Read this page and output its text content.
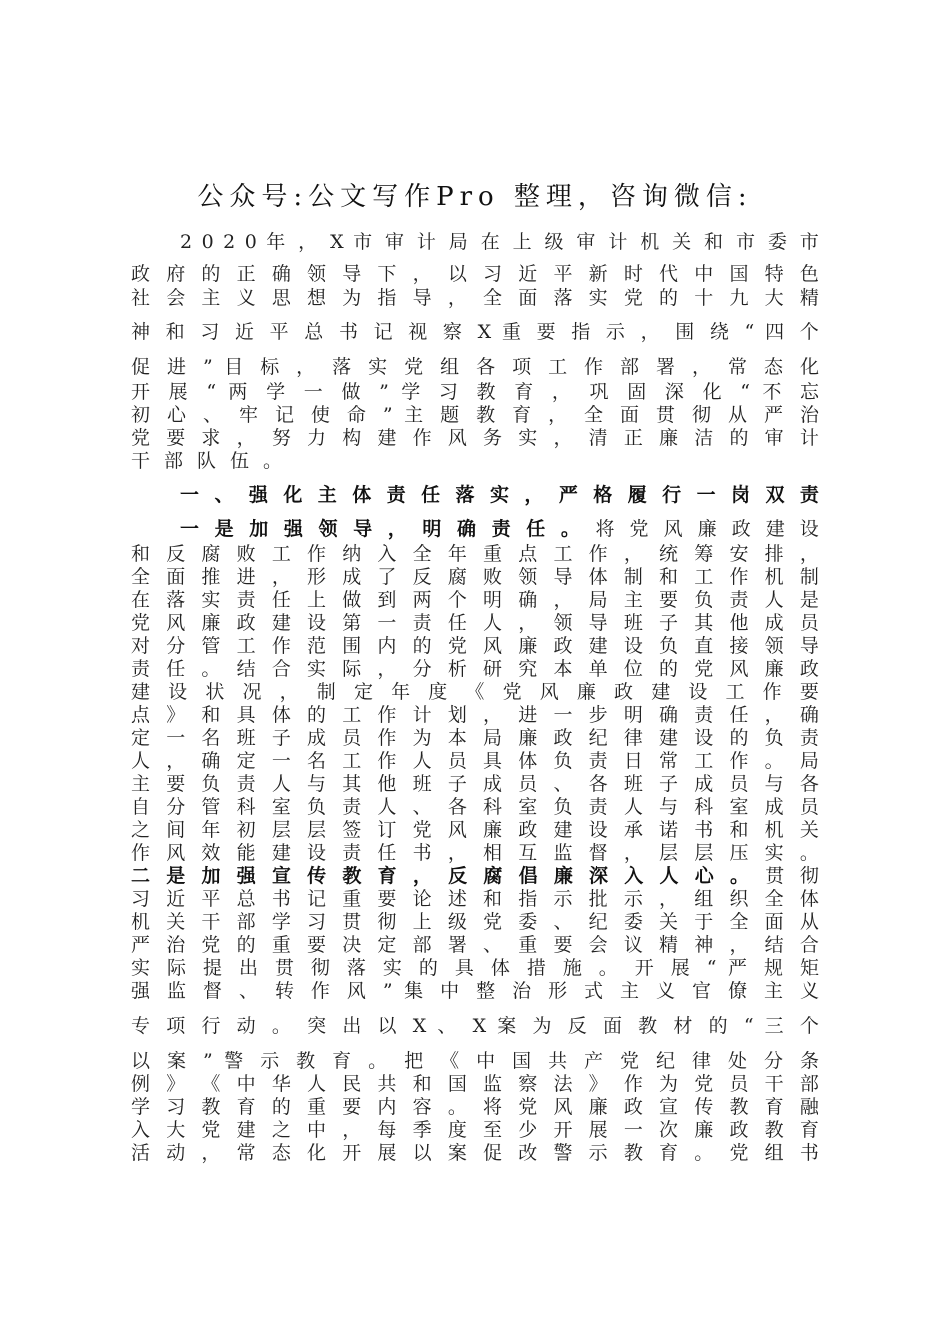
公众号:公文写作Pro 整理，咨询微信:
2 0 2 0 年 ， X 市 审 计 局 在 上 级 审 计 机 关 和 市 委 市
政 府 的 正 确 领 导 下 ， 以 习 近 平 新 时 代 中 国 特 色
社 会 主 义 思 想 为 指 导 ， 全 面 落 实 党 的 十 九 大 精
神 和 习 近 平 总 书 记 视 察 X 重 要 指 示 ， 围 绕 “ 四 个
促 进 ” 目 标 ， 落 实 党 组 各 项 工 作 部 署 ， 常 态 化
开 展 “ 两 学 一 做 ” 学 习 教 育 ， 巩 固 深 化 “ 不 忘
初 心 、 牢 记 使 命 ” 主 题 教 育 ， 全 面 贯 彻 从 严 治
党 要 求 ， 努 力 构 建 作 风 务 实 ， 清 正 廉 洁 的 审 计
干部队伍。
一 、 强 化 主 体 责 任 落 实 ， 严 格 履 行 一 岗 双 责
一 是 加 强 领 导 ， 明 确 责 任 。 将 党 风 廉 政 建 设
和 反 腐 败 工 作 纳 入 全 年 重 点 工 作 ， 统 筹 安 排 ，
全 面 推 进 ， 形 成 了 反 腐 败 领 导 体 制 和 工 作 机 制
在 落 实 责 任 上 做 到 两 个 明 确 ， 局 主 要 负 责 人 是
党 风 廉 政 建 设 第 一 责 任 人 ， 领 导 班 子 其 他 成 员
对 分 管 工 作 范 围 内 的 党 风 廉 政 建 设 负 直 接 领 导
责 任 。 结 合 实 际 ， 分 析 研 究 本 单 位 的 党 风 廉 政
建 设 状 况 ， 制 定 年 度 《 党 风 廉 政 建 设 工 作 要
点 》 和 具 体 的 工 作 计 划 ， 进 一 步 明 确 责 任 ， 确
定 一 名 班 子 成 员 作 为 本 局 廉 政 纪 律 建 设 的 负 责
人 ， 确 定 一 名 工 作 人 员 具 体 负 责 日 常 工 作 。 局
主 要 负 责 人 与 其 他 班 子 成 员 、 各 班 子 成 员 与 各
自 分 管 科 室 负 责 人 、 各 科 室 负 责 人 与 科 室 成 员
之 间 年 初 层 层 签 订 党 风 廉 政 建 设 承 诺 书 和 机 关
作 风 效 能 建 设 责 任 书 ， 相 互 监 督 ， 层 层 压 实 。
二 是 加 强 宣 传 教 育 ， 反 腐 倡 廉 深 入 人 心 。 贯 彻
习 近 平 总 书 记 重 要 论 述 和 指 示 批 示 ， 组 织 全 体
机 关 干 部 学 习 贯 彻 上 级 党 委 、 纪 委 关 于 全 面 从
严 治 党 的 重 要 决 定 部 署 、 重 要 会 议 精 神 ， 结 合
实 际 提 出 贯 彻 落 实 的 具 体 措 施 。 开 展 “ 严 规 矩
强 监 督 、 转 作 风 ” 集 中 整 治 形 式 主 义 官 僚 主 义
专 项 行 动 。 突 出 以 X 、 X 案 为 反 面 教 材 的 “ 三 个
以 案 ” 警 示 教 育 。 把 《 中 国 共 产 党 纪 律 处 分 条
例 》 《 中 华 人 民 共 和 国 监 察 法 》 作 为 党 员 干 部
学 习 教 育 的 重 要 内 容 。 将 党 风 廉 政 宣 传 教 育 融
入 大 党 建 之 中 ， 每 季 度 至 少 开 展 一 次 廉 政 教 育
活 动 ， 常 态 化 开 展 以 案 促 改 警 示 教 育 。 党 组 书
